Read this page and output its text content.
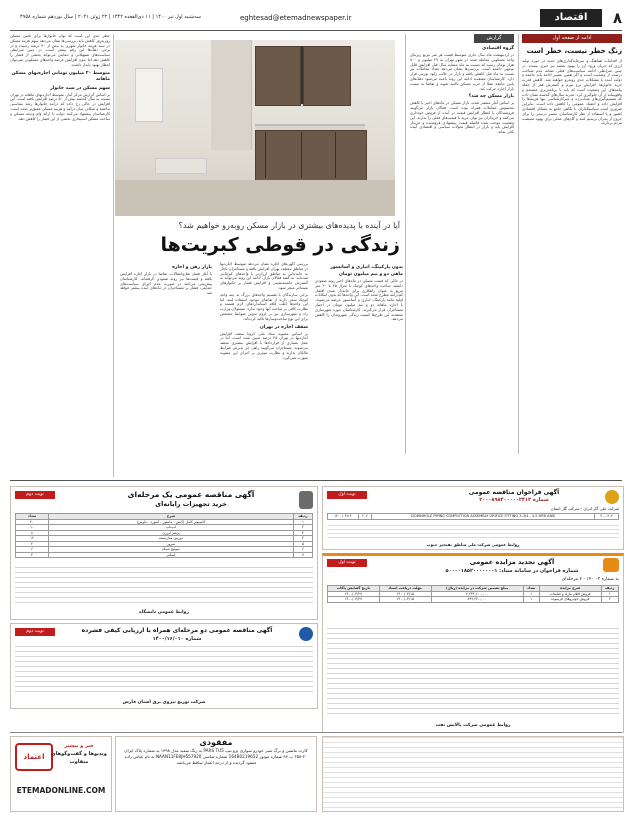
۸
اقتصاد
eghtesad@etemadnewspaper.ir
سه‌شنبه اول تیر ۱۴۰۰ | ۱۱ ذی‌القعده ۱۴۴۲ | ۲۲ ژوئن ۲۰۲۱ | سال نوزدهم شماره ۴۹۵۸
ادامه از صفحه اول
زنگ خطر نیست، خطر است
از اقدامات هماهنگ و سرمایه‌گذاری‌های جدید در حوزه تولید ارزی که جریان ورود ارز را بهبود بخشد نیز خبری نیست. در چنین شرایطی ادامه سیاست‌های فعلی نشانه عدم شناخت درست از وضعیت است و اگر همین مسیر ادامه یابد جامعه و دولت آینده با مشکلات جدی روبه‌رو خواهند شد. کاهش قدرت خرید خانوارها، افزایش نرخ تورم و گسترش فقر از جمله پیامدهای این وضعیت است که باید با برنامه‌ریزی منسجم و واقع‌بینانه از آن جلوگیری کرد. تجربه سال‌های گذشته نشان داده که تصمیم‌گیری‌های شتاب‌زده و غیرکارشناسی تنها هزینه‌ها را افزایش داده و اعتماد عمومی را کاهش داده است. بنابراین ضروری است سیاستگذاران با نگاهی جامع به مسائل اقتصادی کشور و با استفاده از نظر کارشناسان، مسیر درستی را برای خروج از بحران ترسیم کنند و گام‌های عملی برای بهبود معیشت مردم بردارند.
گزارش
گروه اقتصادی
در اردیبهشت ماه سال جاری متوسط قیمت هر متر مربع زیربنای واحد مسکونی معامله شده در شهر تهران به ۲۹ میلیون و ۸۰۰ هزار تومان رسید که نسبت به ماه مشابه سال قبل افزایش قابل توجهی داشته است. بررسی‌ها نشان می‌دهد تعداد معاملات نیز نسبت به ماه قبل کاهش یافته و بازار در حالت رکود تورمی قرار دارد. کارشناسان معتقدند ادامه این روند باعث می‌شود دهک‌های پایین جامعه عملا از خرید مسکن ناامید شوند و تقاضا به سمت بازار اجاره حرکت کند.
بازار مسکن چه شد؟
بر اساس آمار منتشر شده، بازار مسکن در ماه‌های اخیر با کاهش محسوس معاملات همراه بوده است. فعالان بازار می‌گویند فروشندگان با انتظار افزایش قیمت در آینده از فروش خودداری می‌کنند و خریداران نیز توان خرید با قیمت‌های فعلی را ندارند. این وضعیت موجب شده فاصله قیمت پیشنهادی فروشنده و خریدار افزایش یابد و بازار در انتظار تحولات سیاسی و اقتصادی آینده باقی بماند.
آیا در آینده با پدیده‌های بیشتری در بازار مسکن روبه‌رو خواهیم شد؟
زندگی در قوطی کبریت‌ها
بدون پارکینگ، انباری و آسانسور
ماهی دو و نیم میلیون تومان
در حالی که قیمت مسکن در ماه‌های اخیر روند صعودی داشته، ساخت واحدهای کوچک با متراژ ۲۵ تا ۳۰ متر مربع به عنوان راهکاری برای خانه‌دار شدن اقشار کم‌درآمد مطرح شده است. این واحدها که بدون امکانات اولیه مانند پارکینگ، انباری و آسانسور عرضه می‌شوند، با اجاره ماهانه دو و نیم میلیون تومان در اختیار مستاجران قرار می‌گیرند. کارشناسان حوزه شهرسازی معتقدند این طرح‌ها کیفیت زندگی شهروندان را کاهش می‌دهد.
بررسی آگهی‌های اجاره نشان می‌دهد متوسط اجاره‌بها در مناطق مختلف تهران افزایش یافته و مستاجران ناچار به جابه‌جایی به مناطق ارزان‌تر یا واحدهای کوچک‌تر شده‌اند. به گفته فعالان بازار، ادامه این روند می‌تواند به گسترش حاشیه‌نشینی و افزایش فشار بر خانوارهای مستاجر منجر شود.
برخی سازندگان با تقسیم واحدهای بزرگ به چند واحد کوچک سعی دارند از تقاضای موجود استفاده کنند. اما این واحدها اغلب فاقد استانداردهای لازم هستند و نظارت کافی بر ساخت آنها وجود ندارد. مسئولان وزارت راه و شهرسازی نیز بر لزوم تدوین ضوابط مشخص برای این نوع ساخت‌وسازها تاکید کرده‌اند.
سقف اجاره در تهران
بر اساس مصوبه ستاد ملی کرونا سقف افزایش اجاره‌بها در تهران ۲۵ درصد تعیین شده است، اما در عمل بسیاری از قراردادها با افزایش بیشتری منعقد می‌شوند. مستاجران می‌گویند راهی جز پذیرش شرایط مالکان ندارند و نظارت موثری بر اجرای این مصوبه صورت نمی‌گیرد.
بازار رهن و اجاره
با آغاز فصل نقل‌وانتقالات، تقاضا در بازار اجاره افزایش یافته و قیمت‌ها نیز روند صعودی گرفته‌اند. کارشناسان پیش‌بینی می‌کنند در صورت عدم اجرای سیاست‌های حمایتی، فشار بر مستاجران در ماه‌های آینده بیشتر خواهد شد.
خطر جدی این است که توان خانوارها برای تامین مسکن روزبه‌روز کاهش یابد. بررسی‌ها نشان می‌دهد سهم هزینه مسکن در سبد هزینه خانوار شهری به بیش از ۴۰ درصد رسیده و در برخی دهک‌ها این رقم بیشتر است. در چنین شرایطی سیاست‌های تسهیلاتی و حمایتی می‌تواند بخشی از فشار را کاهش دهد اما بدون افزایش عرضه واحدهای مسکونی نمی‌توان انتظار بهبود پایدار داشت.
متوسط ۲۰ میلیون تومانی اجاره‌بهای مسکن ماهانه
سهم مسکن در سبد خانوار
بر اساس گزارش مرکز آمار، متوسط اجاره‌بهای ماهانه در تهران نسبت به سال گذشته بیش از ۵۰ درصد افزایش یافته است. این افزایش در حالی رخ داده که درآمد خانوارها رشد متناسبی نداشته و شکاف میان درآمد و هزینه مسکن عمیق‌تر شده است. کارشناسان پیشنهاد می‌کنند دولت با ارائه وام ودیعه مسکن و ساخت مسکن استیجاری بخشی از این فشار را کاهش دهد.
نوبت اول	آگهی فراخوان مناقصه عمومی
شماره ۲۰۰۰۸۹۸۴۰۰۰۰۰۲۴۱۲
شرکت ملی گاز ایران - شرکت گاز استان
۴۰۰-۲۰۲	DOWNHOLE PIPING COMPLETION ASSEMBLY ORIFICE FITTING 3-3/4 - 4.5 MFB ANSI	۲۰۲	۱۴۰۰/۰۴/۱۴
روابط عمومی شرکت ملی مناطق نفتخیز جنوب
نوبت اول	آگهی تجدید مزایده عمومی
شماره فراخوان در سامانه ستاد: ۵۰۰۰۰۱۸۵۲۰۰۰۰۰۰۰۱
به شماره ۳-۱۴۰۰ - ۲ مرحله‌ای
ردیف	شرح مزایده	تعداد	مبلغ تضمین شرکت در مزایده (ریال)	مهلت دریافت اسناد	تاریخ گشایش پاکات
۱	فروش اقلام مازاد و ضایعات	۱	۲,۶۳۴,۶۰۰,۰۰۰	۱۴۰۰/۰۴/۱۵	۱۴۰۰/۰۴/۲۷
۲	فروش خودروهای فرسوده	۱	۸۹۹,۴۲۰,۰۰۰	۱۴۰۰/۰۴/۱۵	۱۴۰۰/۰۴/۲۷
روابط عمومی شرکت پالایش نفت
آگهی مناقصه عمومی یک مرحله‌ای
خرید تجهیزات رایانه‌ای
نوبت دوم
ردیف	شرح	تعداد
۱	کامپیوتر کامل (کیس - مانیتور - کیبورد - ماوس)	۲۰
۲	لپ‌تاپ	۱۰
۳	پرینتر لیزری	۸
۴	دوربین مداربسته	۱۲
۵	سرور	۲
۶	سوئیچ شبکه	۶
۷	اسکنر	۴
روابط عمومی دانشگاه
نوبت دوم	آگهی مناقصه عمومی دو مرحله‌ای همراه با ارزیابی کیفی فشرده
شماره ۱۴۰۰/۱۶/۰۱۰
شرکت توزیع نیروی برق استان فارس
مفقودی
کارت ماشین و برگ سبز خودرو سواری پژو تیپ PARS TU5 به رنگ سفید مدل ۱۳۹۸ به شماره پلاک ایران ۲۰-۶۵۸ ب ۹۶ شماره موتور 164B0219652 شماره شاسی NAAN11FE8JH557920 به نام عباس زاده مفقود گردیده و از درجه اعتبار ساقط می‌باشد.
اعتماد
خبر و بیشتر
ویدیوها و گفت‌وگوهای
متفاوت
ETEMADONLINE.COM
